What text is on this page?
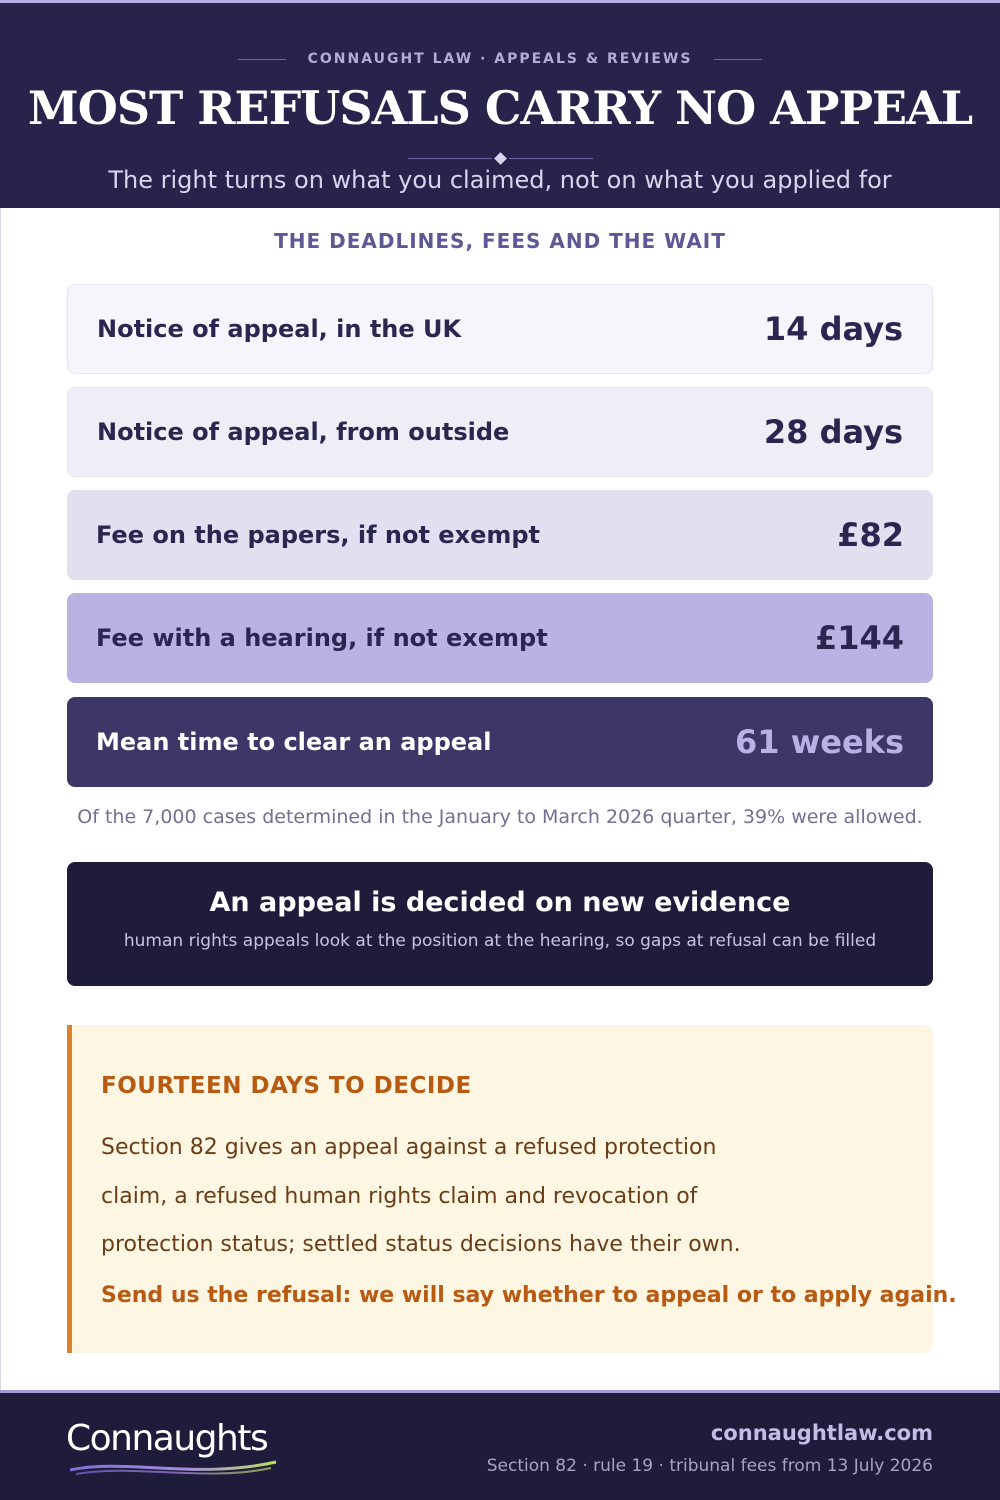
CONNAUGHT LAW · APPEALS & REVIEWS
MOST REFUSALS CARRY NO APPEAL

The right turns on what you claimed, not on what you applied for

THE DEADLINES, FEES AND THE WAIT
Notice of appeal, in the UK	14 days
Notice of appeal, from outside	28 days
Fee on the papers, if not exempt	£82
Fee with a hearing, if not exempt	£144
Mean time to clear an appeal	61 weeks

Of the 7,000 cases determined in the January to March 2026 quarter, 39% were allowed.

An appeal is decided on new evidence
human rights appeals look at the position at the hearing, so gaps at refusal can be filled
FOURTEEN DAYS TO DECIDE
Section 82 gives an appeal against a refused protection claim, a refused human rights claim and revocation of protection status; settled status decisions have their own.
Send us the refusal: we will say whether to appeal or to apply again.
Connaughts	connaughtlaw.com
Section 82 · rule 19 · tribunal fees from 13 July 2026
